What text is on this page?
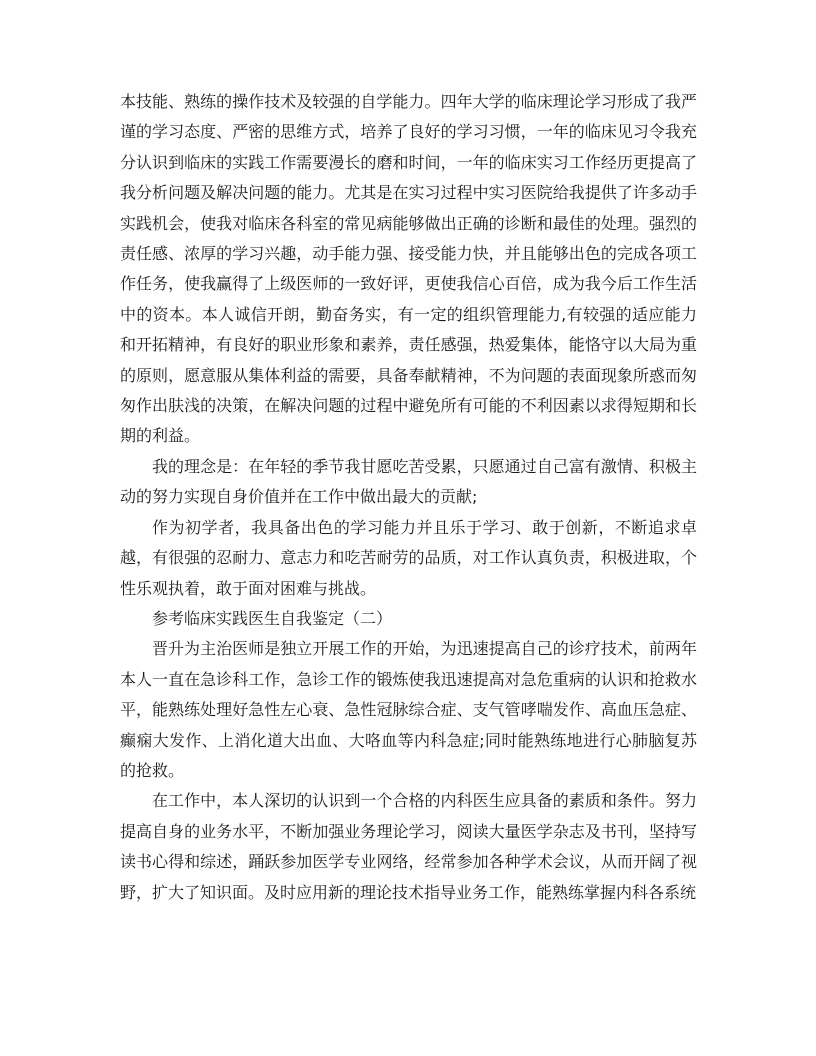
本技能、熟练的操作技术及较强的自学能力。四年大学的临床理论学习形成了我严谨的学习态度、严密的思维方式，培养了良好的学习习惯，一年的临床见习令我充分认识到临床的实践工作需要漫长的磨和时间，一年的临床实习工作经历更提高了我分析问题及解决问题的能力。尤其是在实习过程中实习医院给我提供了许多动手实践机会，使我对临床各科室的常见病能够做出正确的诊断和最佳的处理。强烈的责任感、浓厚的学习兴趣，动手能力强、接受能力快，并且能够出色的完成各项工作任务，使我赢得了上级医师的一致好评，更使我信心百倍，成为我今后工作生活中的资本。本人诚信开朗，勤奋务实，有一定的组织管理能力,有较强的适应能力和开拓精神，有良好的职业形象和素养，责任感强，热爱集体，能恪守以大局为重的原则，愿意服从集体利益的需要，具备奉献精神，不为问题的表面现象所惑而匆匆作出肤浅的决策，在解决问题的过程中避免所有可能的不利因素以求得短期和长期的利益。

我的理念是：在年轻的季节我甘愿吃苦受累，只愿通过自己富有激情、积极主动的努力实现自身价值并在工作中做出最大的贡献;

作为初学者，我具备出色的学习能力并且乐于学习、敢于创新，不断追求卓越，有很强的忍耐力、意志力和吃苦耐劳的品质，对工作认真负责，积极进取，个性乐观执着，敢于面对困难与挑战。

参考临床实践医生自我鉴定（二）

晋升为主治医师是独立开展工作的开始，为迅速提高自己的诊疗技术，前两年本人一直在急诊科工作，急诊工作的锻炼使我迅速提高对急危重病的认识和抢救水平，能熟练处理好急性左心衰、急性冠脉综合症、支气管哮喘发作、高血压急症、癫痫大发作、上消化道大出血、大咯血等内科急症;同时能熟练地进行心肺脑复苏的抢救。

在工作中，本人深切的认识到一个合格的内科医生应具备的素质和条件。努力提高自身的业务水平，不断加强业务理论学习，阅读大量医学杂志及书刊，坚持写读书心得和综述，踊跃参加医学专业网络，经常参加各种学术会议，从而开阔了视野，扩大了知识面。及时应用新的理论技术指导业务工作，能熟练掌握内科各系统
